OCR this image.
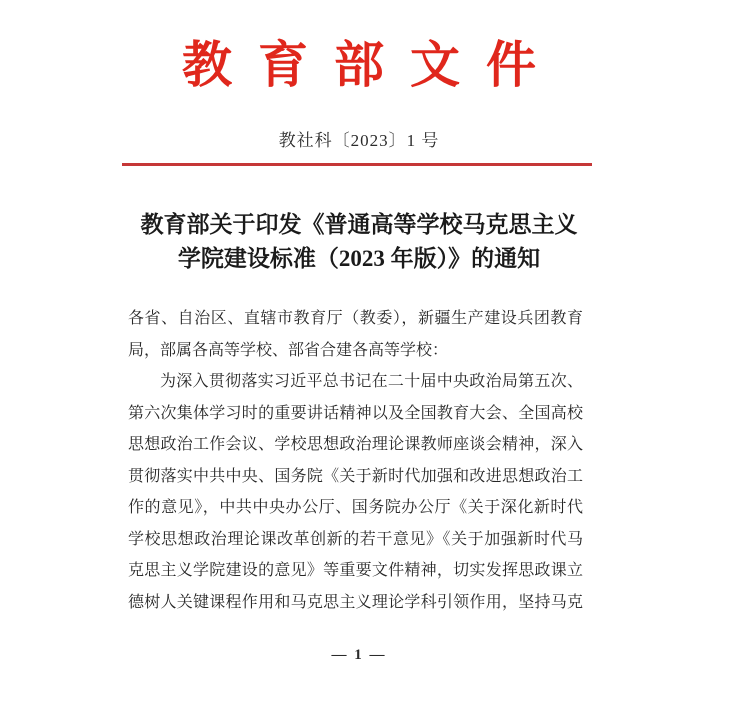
教育部文件
教社科〔2023〕1 号
教育部关于印发《普通高等学校马克思主义
学院建设标准（2023 年版）》的通知
各省、自治区、直辖市教育厅（教委），新疆生产建设兵团教育
局，部属各高等学校、部省合建各高等学校：
为深入贯彻落实习近平总书记在二十届中央政治局第五次、
第六次集体学习时的重要讲话精神以及全国教育大会、全国高校
思想政治工作会议、学校思想政治理论课教师座谈会精神，深入
贯彻落实中共中央、国务院《关于新时代加强和改进思想政治工
作的意见》，中共中央办公厅、国务院办公厅《关于深化新时代
学校思想政治理论课改革创新的若干意见》《关于加强新时代马
克思主义学院建设的意见》等重要文件精神，切实发挥思政课立
德树人关键课程作用和马克思主义理论学科引领作用，坚持马克
— 1 —
